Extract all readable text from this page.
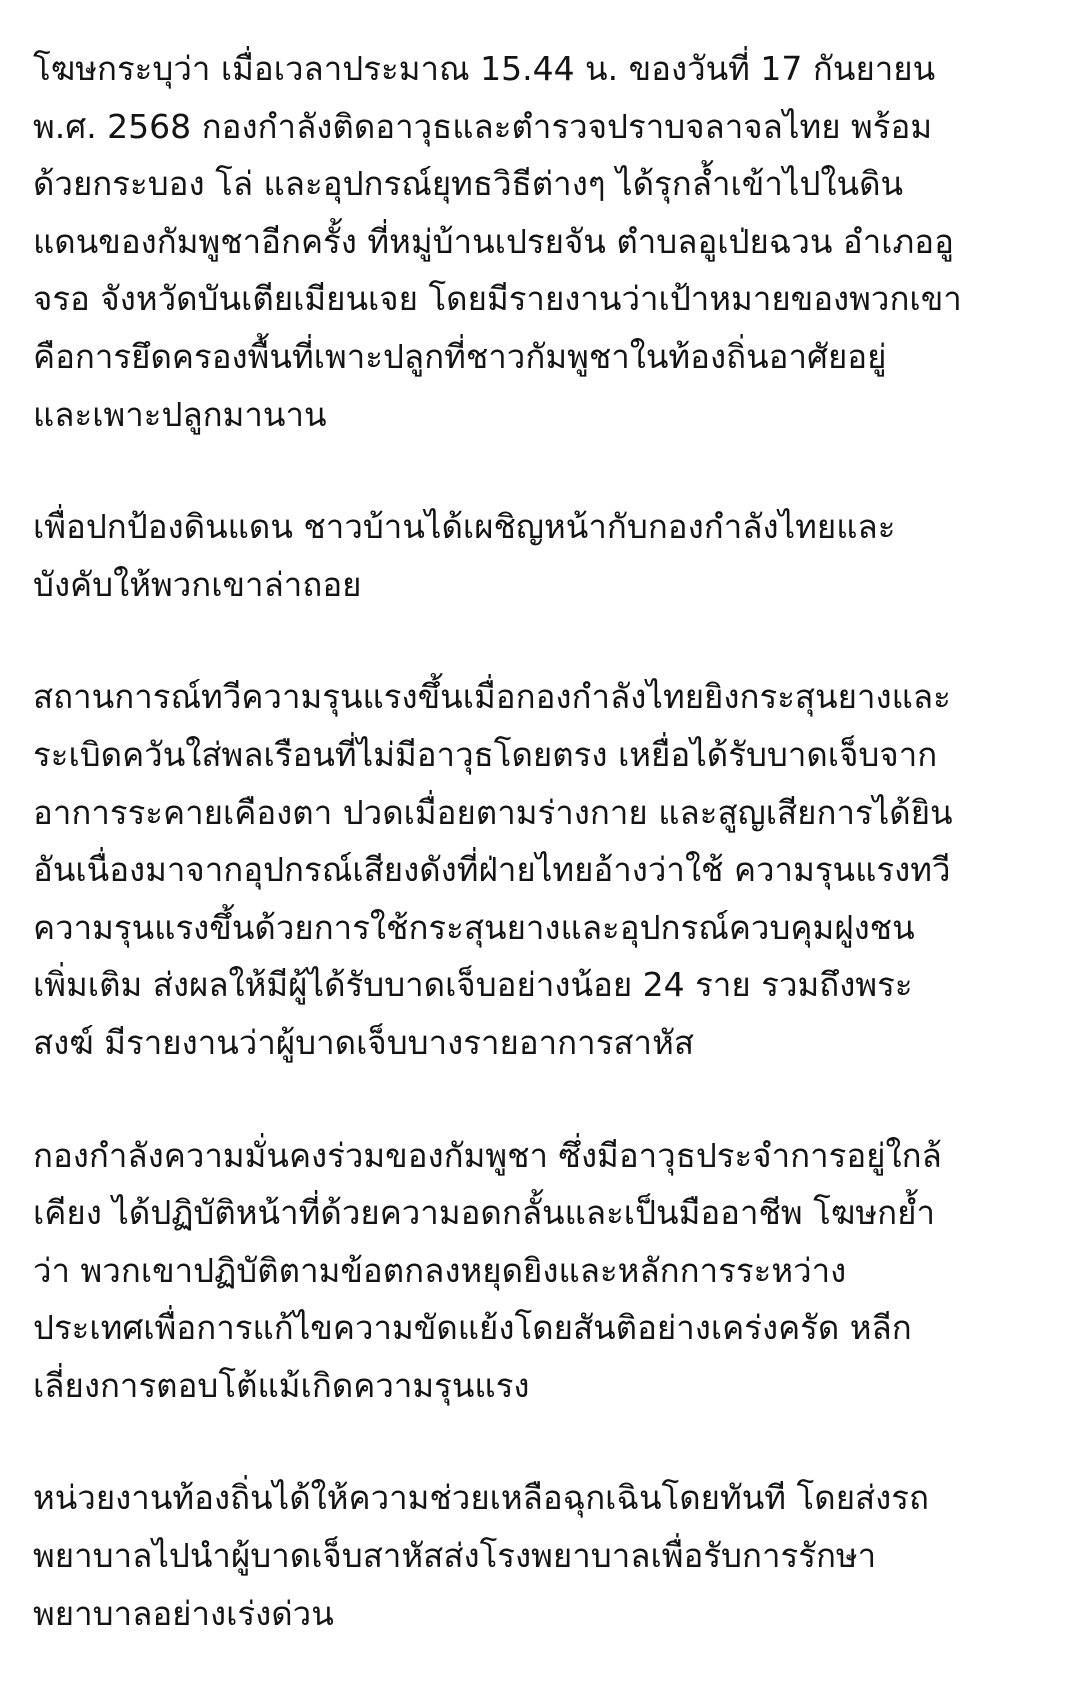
โฆษกระบุว่า เมื่อเวลาประมาณ 15.44 น. ของวันที่ 17 กันยายน
พ.ศ. 2568 กองกำลังติดอาวุธและตำรวจปราบจลาจลไทย พร้อม
ด้วยกระบอง โล่ และอุปกรณ์ยุทธวิธีต่างๆ ได้รุกล้ำเข้าไปในดิน
แดนของกัมพูชาอีกครั้ง ที่หมู่บ้านเปรยจัน ตำบลอูเป่ยฉวน อำเภออู
จรอ จังหวัดบันเตียเมียนเจย โดยมีรายงานว่าเป้าหมายของพวกเขา
คือการยึดครองพื้นที่เพาะปลูกที่ชาวกัมพูชาในท้องถิ่นอาศัยอยู่
และเพาะปลูกมานาน

เพื่อปกป้องดินแดน ชาวบ้านได้เผชิญหน้ากับกองกำลังไทยและ
บังคับให้พวกเขาล่าถอย

สถานการณ์ทวีความรุนแรงขึ้นเมื่อกองกำลังไทยยิงกระสุนยางและ
ระเบิดควันใส่พลเรือนที่ไม่มีอาวุธโดยตรง เหยื่อได้รับบาดเจ็บจาก
อาการระคายเคืองตา ปวดเมื่อยตามร่างกาย และสูญเสียการได้ยิน
อันเนื่องมาจากอุปกรณ์เสียงดังที่ฝ่ายไทยอ้างว่าใช้ ความรุนแรงทวี
ความรุนแรงขึ้นด้วยการใช้กระสุนยางและอุปกรณ์ควบคุมฝูงชน
เพิ่มเติม ส่งผลให้มีผู้ได้รับบาดเจ็บอย่างน้อย 24 ราย รวมถึงพระ
สงฆ์ มีรายงานว่าผู้บาดเจ็บบางรายอาการสาหัส

กองกำลังความมั่นคงร่วมของกัมพูชา ซึ่งมีอาวุธประจำการอยู่ใกล้
เคียง ได้ปฏิบัติหน้าที่ด้วยความอดกลั้นและเป็นมืออาชีพ โฆษกย้ำ
ว่า พวกเขาปฏิบัติตามข้อตกลงหยุดยิงและหลักการระหว่าง
ประเทศเพื่อการแก้ไขความขัดแย้งโดยสันติอย่างเคร่งครัด หลีก
เลี่ยงการตอบโต้แม้เกิดความรุนแรง

หน่วยงานท้องถิ่นได้ให้ความช่วยเหลือฉุกเฉินโดยทันที โดยส่งรถ
พยาบาลไปนำผู้บาดเจ็บสาหัสส่งโรงพยาบาลเพื่อรับการรักษา
พยาบาลอย่างเร่งด่วน
